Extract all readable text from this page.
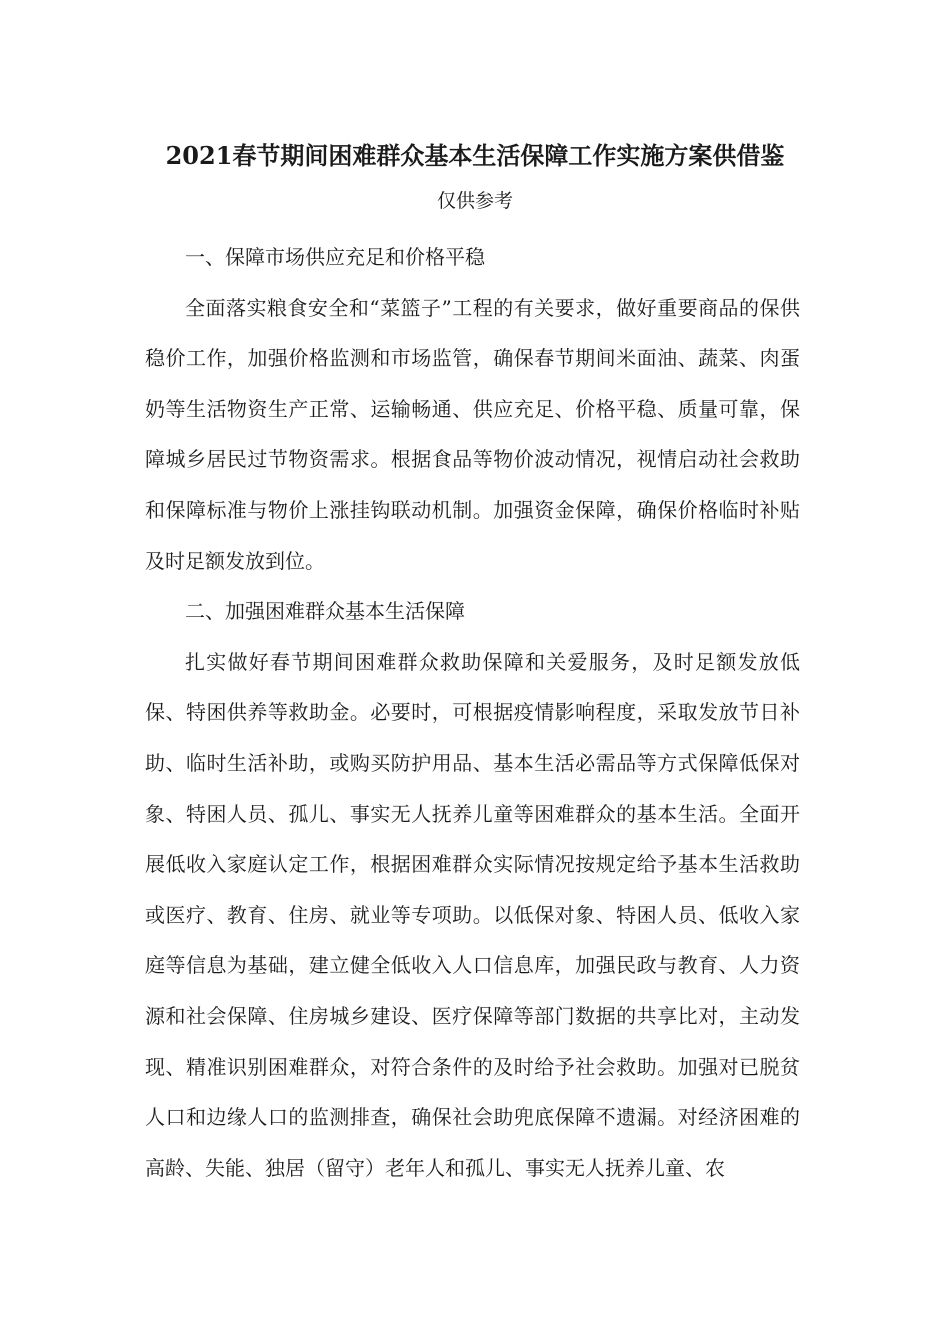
2021春节期间困难群众基本生活保障工作实施方案供借鉴
仅供参考

一、保障市场供应充足和价格平稳

全面落实粮食安全和“菜篮子”工程的有关要求，做好重要商品的保供稳价工作，加强价格监测和市场监管，确保春节期间米面油、蔬菜、肉蛋奶等生活物资生产正常、运输畅通、供应充足、价格平稳、质量可靠，保障城乡居民过节物资需求。根据食品等物价波动情况，视情启动社会救助和保障标准与物价上涨挂钩联动机制。加强资金保障，确保价格临时补贴及时足额发放到位。

二、加强困难群众基本生活保障

扎实做好春节期间困难群众救助保障和关爱服务，及时足额发放低保、特困供养等救助金。必要时，可根据疫情影响程度，采取发放节日补助、临时生活补助，或购买防护用品、基本生活必需品等方式保障低保对象、特困人员、孤儿、事实无人抚养儿童等困难群众的基本生活。全面开展低收入家庭认定工作，根据困难群众实际情况按规定给予基本生活救助或医疗、教育、住房、就业等专项助。以低保对象、特困人员、低收入家庭等信息为基础，建立健全低收入人口信息库，加强民政与教育、人力资源和社会保障、住房城乡建设、医疗保障等部门数据的共享比对，主动发现、精准识别困难群众，对符合条件的及时给予社会救助。加强对已脱贫人口和边缘人口的监测排查，确保社会助兜底保障不遗漏。对经济困难的高龄、失能、独居（留守）老年人和孤儿、事实无人抚养儿童、农
